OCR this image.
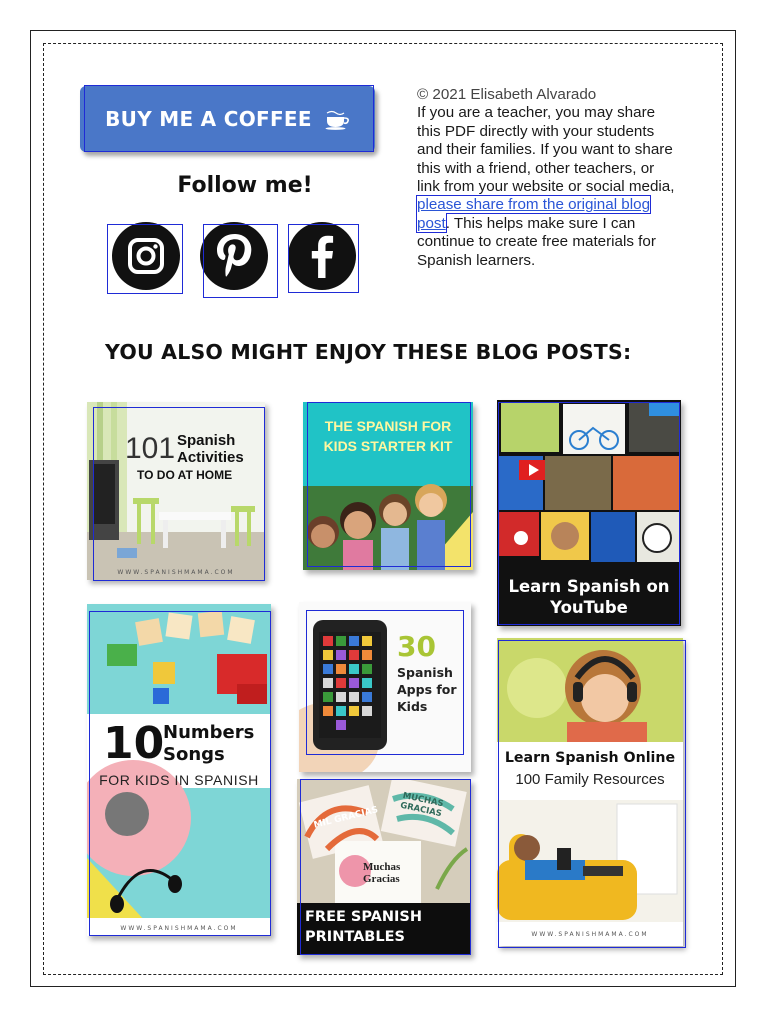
BUY ME A COFFEE
Follow me!
© 2021 Elisabeth Alvarado
If you are a teacher, you may share this PDF directly with your students and their families. If you want to share this with a friend, other teachers, or link from your website or social media, please share from the original blog post. This helps make sure I can continue to create free materials for Spanish learners.
YOU ALSO MIGHT ENJOY THESE BLOG POSTS:
101 Spanish Activities
TO DO AT HOME
WWW.SPANISHMAMA.COM
THE SPANISH FOR KIDS STARTER KIT
Learn Spanish on YouTube
10
Numbers Songs
FOR KIDS IN SPANISH
WWW.SPANISHMAMA.COM
30
Spanish Apps for Kids
MIL GRACIAS
MUCHAS GRACIAS
Muchas Gracias
FREE SPANISH PRINTABLES
Learn Spanish Online
100 Family Resources
WWW.SPANISHMAMA.COM
